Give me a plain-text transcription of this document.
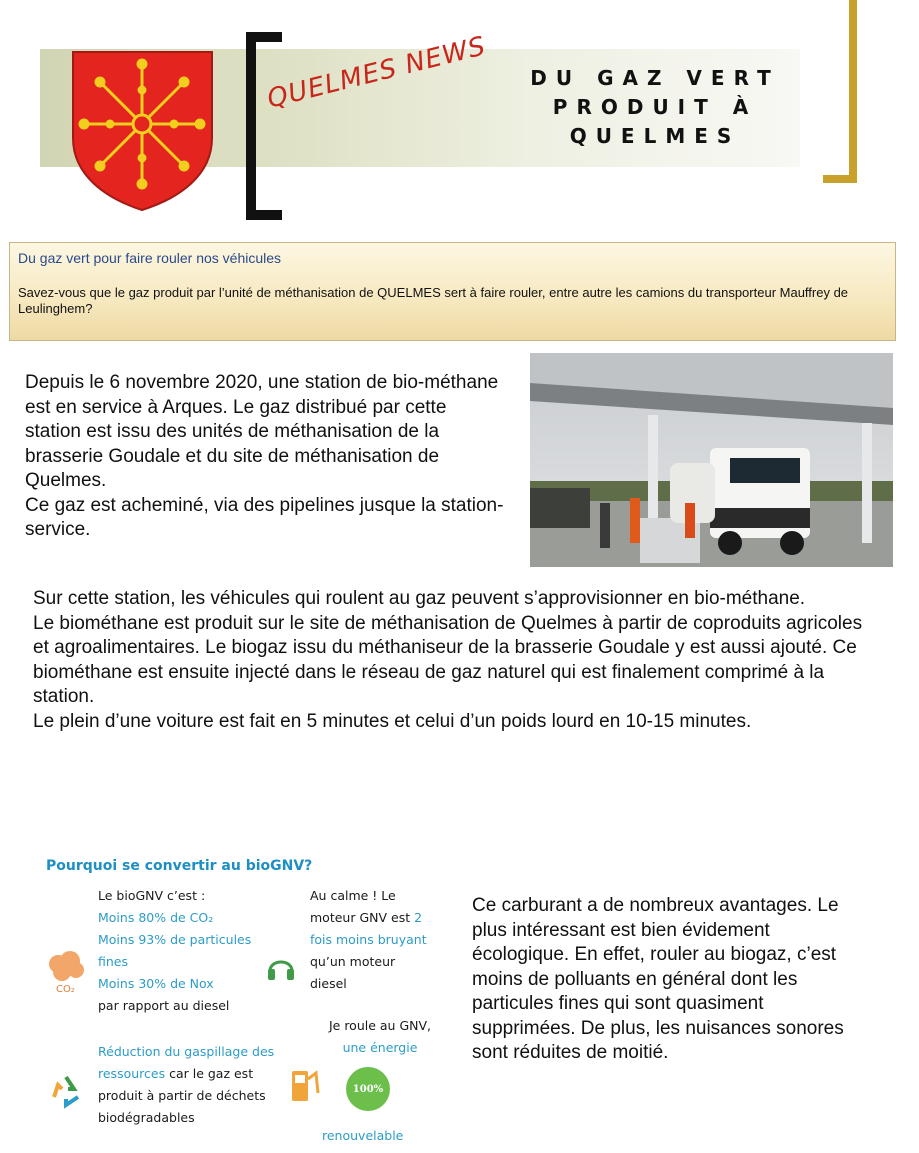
QUELMES NEWS	DU GAZ VERT
PRODUIT À
QUELMES
Du gaz vert pour faire rouler nos véhicules
Savez-vous que le gaz produit par l’unité de méthanisation de QUELMES sert à faire rouler, entre autre les camions du transporteur Mauffrey de Leulinghem?
Depuis le 6 novembre 2020, une station de bio-méthane est en service à Arques. Le gaz distribué par cette station est issu des unités de méthanisation de la brasserie Goudale et du site de méthanisation de Quelmes.
Ce gaz est acheminé, via des pipelines jusque la station-service.
Sur cette station, les véhicules qui roulent au gaz peuvent s’approvisionner en bio-méthane.
Le biométhane est produit sur le site de méthanisation de Quelmes à partir de coproduits agricoles et agroalimentaires. Le biogaz issu du méthaniseur de la brasserie Goudale y est aussi ajouté. Ce biométhane est ensuite injecté dans le réseau de gaz naturel qui est finalement comprimé à la station.
Le plein d’une voiture est fait en 5 minutes et celui d’un poids lourd en 10-15 minutes.
Pourquoi se convertir au bioGNV?
Le bioGNV c’est :
Moins 80% de CO₂
Moins 93% de particules fines
Moins 30% de Nox
par rapport au diesel
CO₂
Au calme ! Le moteur GNV est 2 fois moins bruyant qu’un moteur diesel
Réduction du gaspillage des ressources car le gaz est produit à partir de déchets biodégradables
Je roule au GNV,
une énergie
100%
renouvelable
Ce carburant a de nombreux avantages. Le plus intéressant est bien évidement écologique. En effet, rouler au biogaz, c’est moins de polluants en général dont les particules fines qui sont quasiment supprimées. De plus, les nuisances sonores sont réduites de moitié.
